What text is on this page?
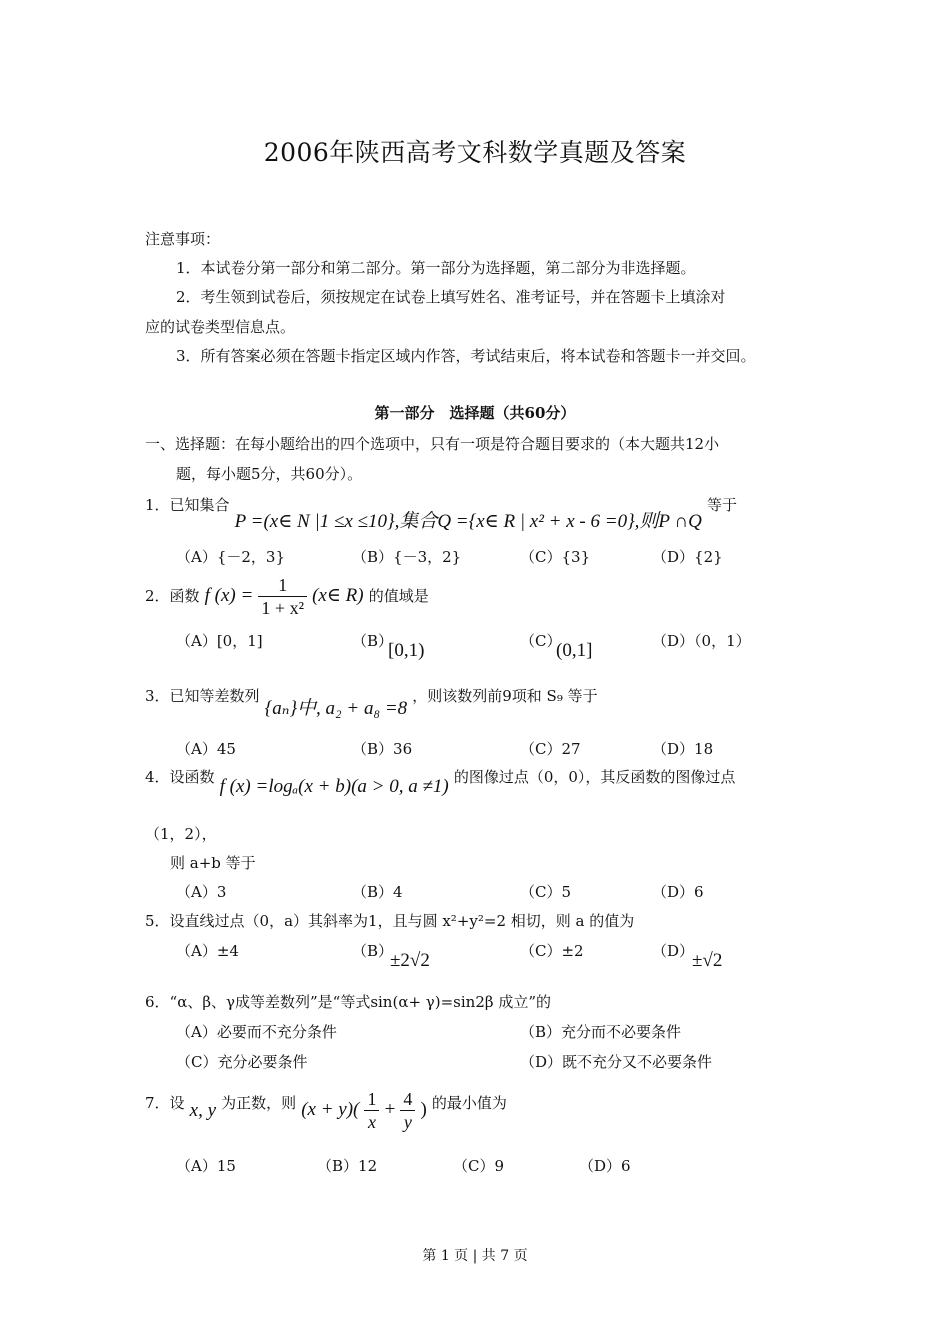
2006年陕西高考文科数学真题及答案
注意事项：
1．本试卷分第一部分和第二部分。第一部分为选择题，第二部分为非选择题。
2．考生领到试卷后，须按规定在试卷上填写姓名、准考证号，并在答题卡上填涂对
应的试卷类型信息点。
3．所有答案必须在答题卡指定区域内作答，考试结束后，将本试卷和答题卡一并交回。
第一部分　选择题（共60分）
一、选择题：在每小题给出的四个选项中，只有一项是符合题目要求的（本大题共12小
题，每小题5分，共60分）。
1．已知集合 P =(x∈ N |1 ≤x ≤10},集合Q ={x∈ R | x² + x - 6 =0},则P ∩Q 等于
（A）{－2，3}	（B）{－3，2}	（C）{3}	（D）{2}
2．函数 f $(x) = \frac{1}{\text{1 + x²}}$ (x∈ R) 的值域是
（A）[0，1]	（B）
[0,1)	（C）
(0,1]	（D）（0，1）
3．已知等差数列 {aₙ}中, a₂ + a₈ =8 ，则该数列前9项和 S₉ 等于
（A）45	（B）36	（C）27	（D）18
4．设函数 f (x) =logₐ(x + b)(a > 0, a ≠1) 的图像过点（0，0），其反函数的图像过点
（1，2），
则 a+b 等于
（A）3	（B）4	（C）5	（D）6
5．设直线过点（0，a）其斜率为1，且与圆 x²+y²=2 相切，则 a 的值为
（A）±4	（B）
±2√2	（C）±2	（D）
±√2
6．“α、β、γ成等差数列”是“等式sin(α+ γ)=sin2β 成立”的
（A）必要而不充分条件	（B）充分而不必要条件
（C）充分必要条件	（D）既不充分又不必要条件
7．设 x, y 为正数，则 $(x + y)( \frac{1}{x} + \frac{4}{y}$ ) 的最小值为
（A）15	（B）12	（C）9	（D）6
第 1 页 | 共 7 页
